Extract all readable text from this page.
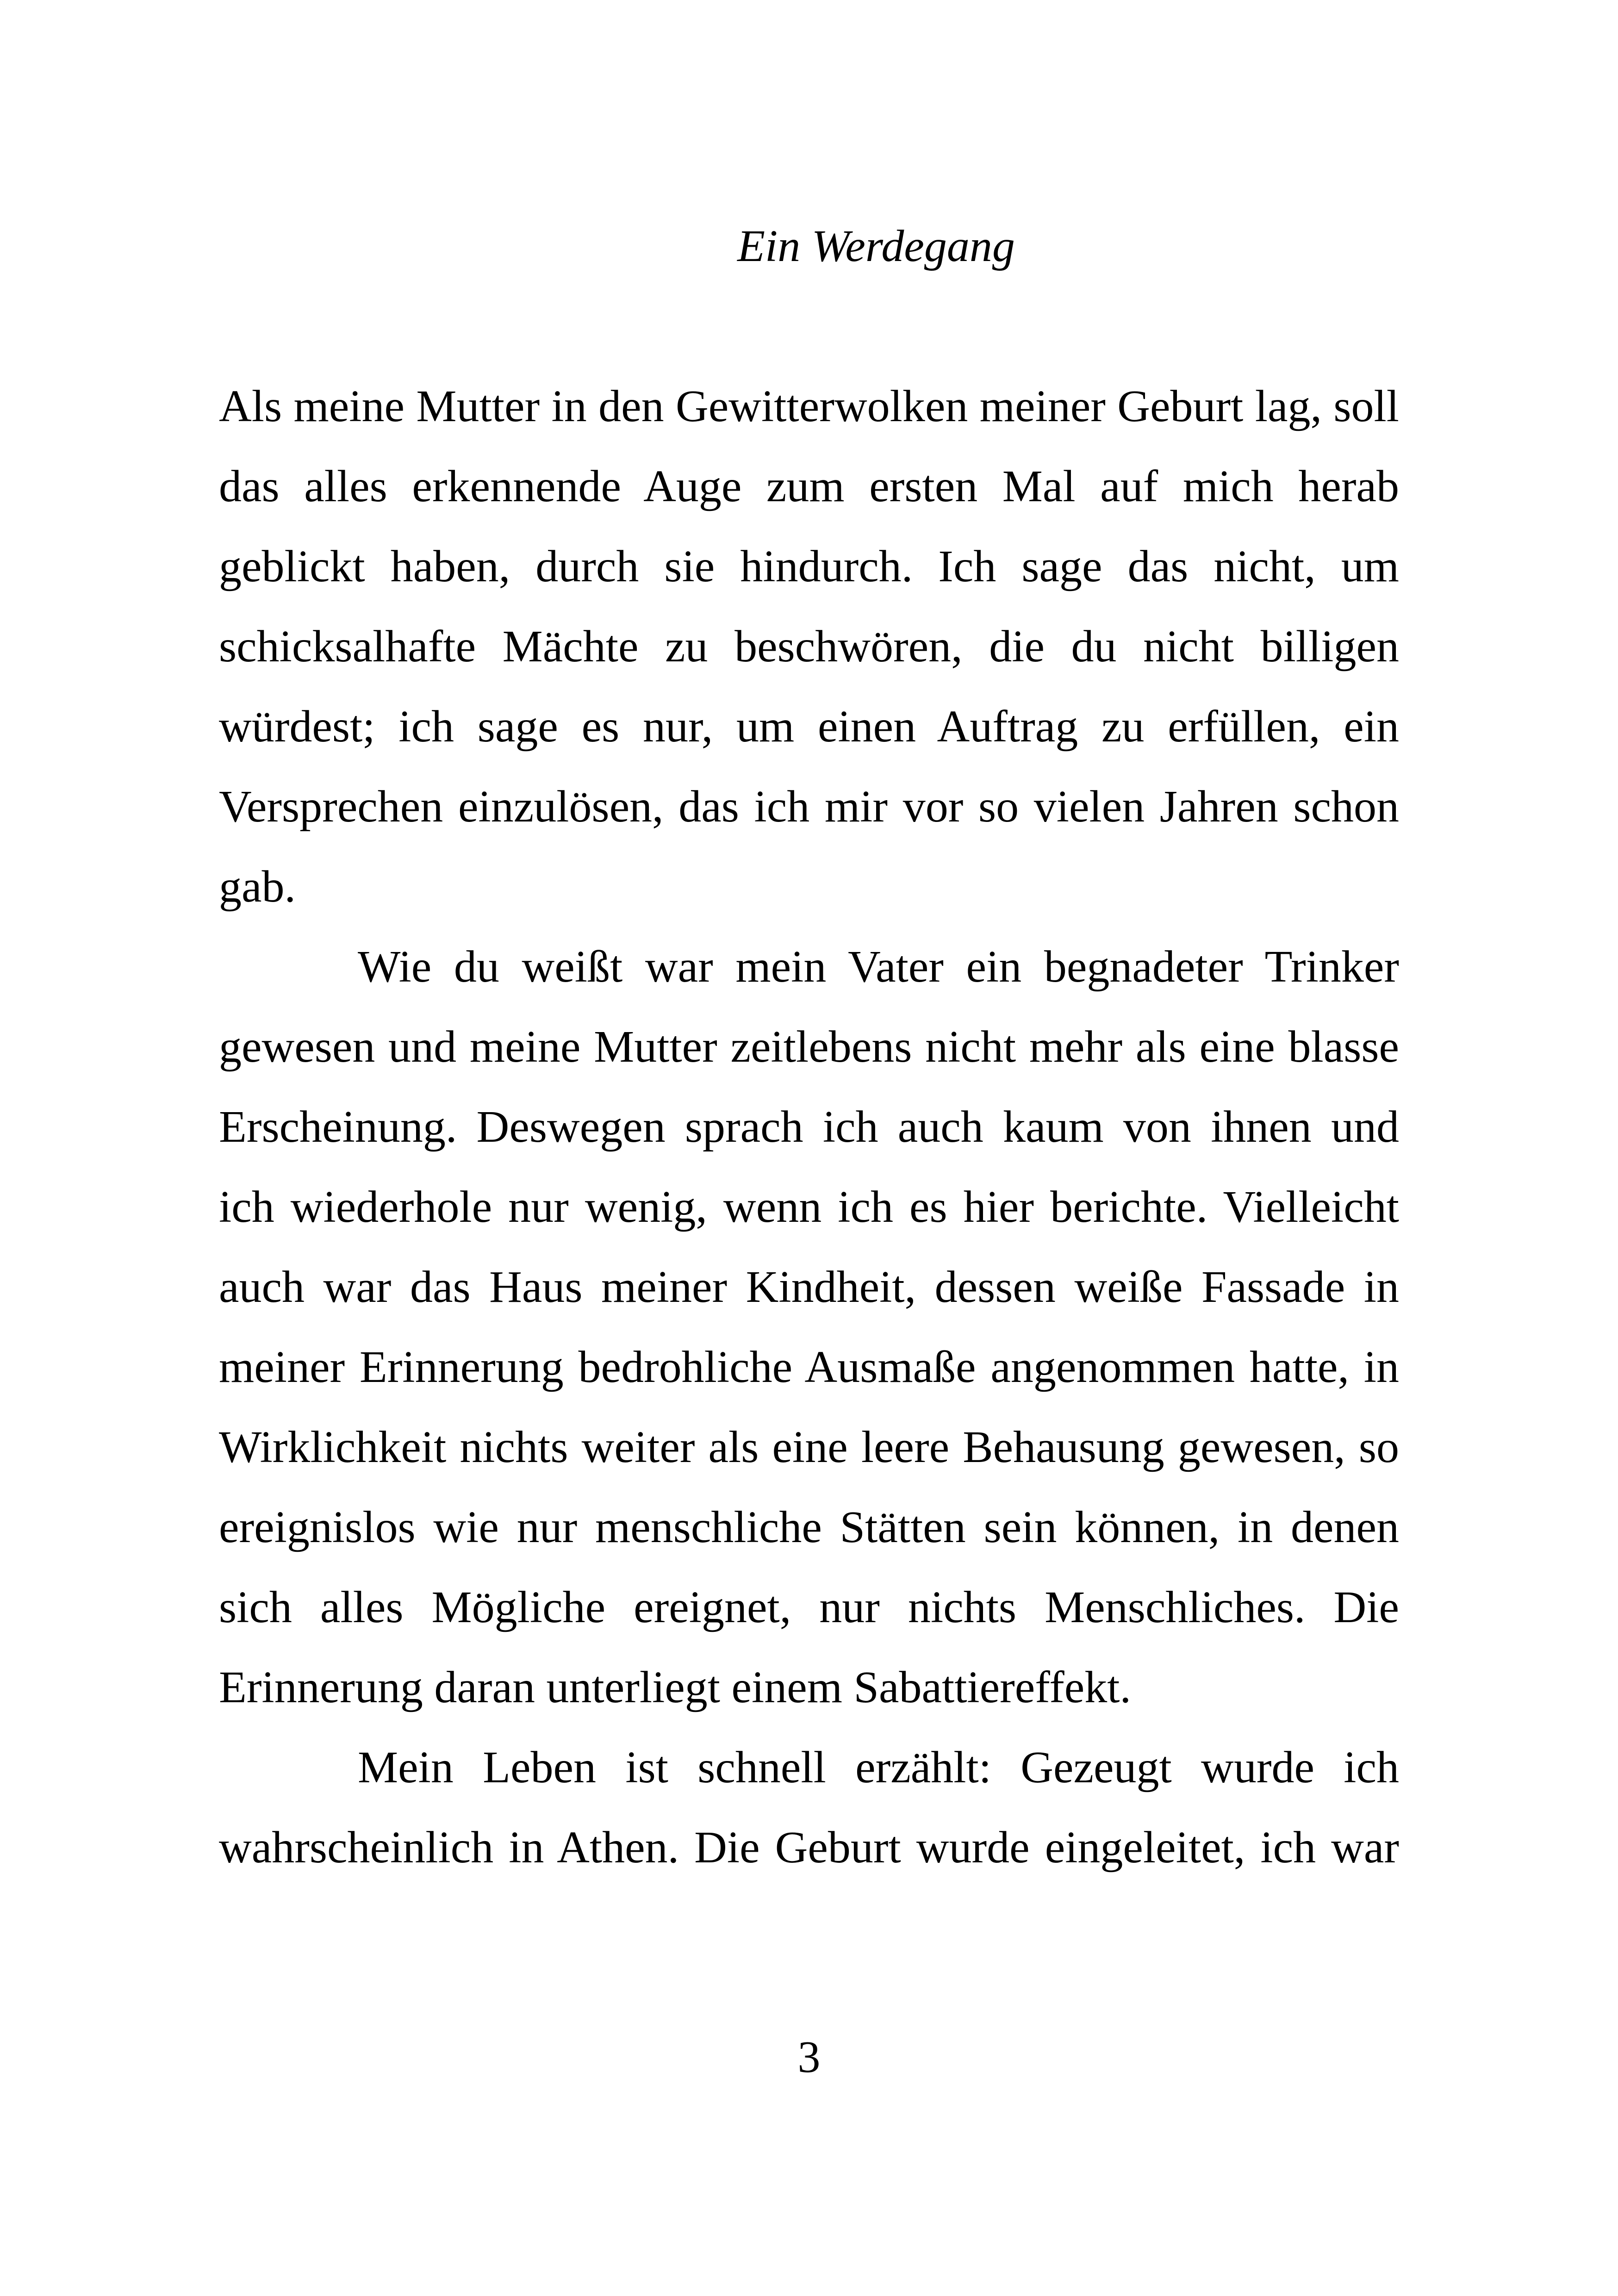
Ein Werdegang

Als meine Mutter in den Gewitterwolken meiner Geburt lag, soll das alles erkennende Auge zum ersten Mal auf mich herab geblickt haben, durch sie hindurch. Ich sage das nicht, um schicksalhafte Mächte zu beschwören, die du nicht billigen würdest; ich sage es nur, um einen Auftrag zu erfüllen, ein Versprechen einzulösen, das ich mir vor so vielen Jahren schon gab.

Wie du weißt war mein Vater ein begnadeter Trinker gewesen und meine Mutter zeitlebens nicht mehr als eine blasse Erscheinung. Deswegen sprach ich auch kaum von ihnen und ich wiederhole nur wenig, wenn ich es hier berichte. Vielleicht auch war das Haus meiner Kindheit, dessen weiße Fassade in meiner Erinnerung bedrohliche Ausmaße angenommen hatte, in Wirklichkeit nichts weiter als eine leere Behausung gewesen, so ereignislos wie nur menschliche Stätten sein können, in denen sich alles Mögliche ereignet, nur nichts Menschliches. Die Erinnerung daran unterliegt einem Sabattiereffekt.

Mein Leben ist schnell erzählt: Gezeugt wurde ich wahrscheinlich in Athen. Die Geburt wurde eingeleitet, ich war

3
